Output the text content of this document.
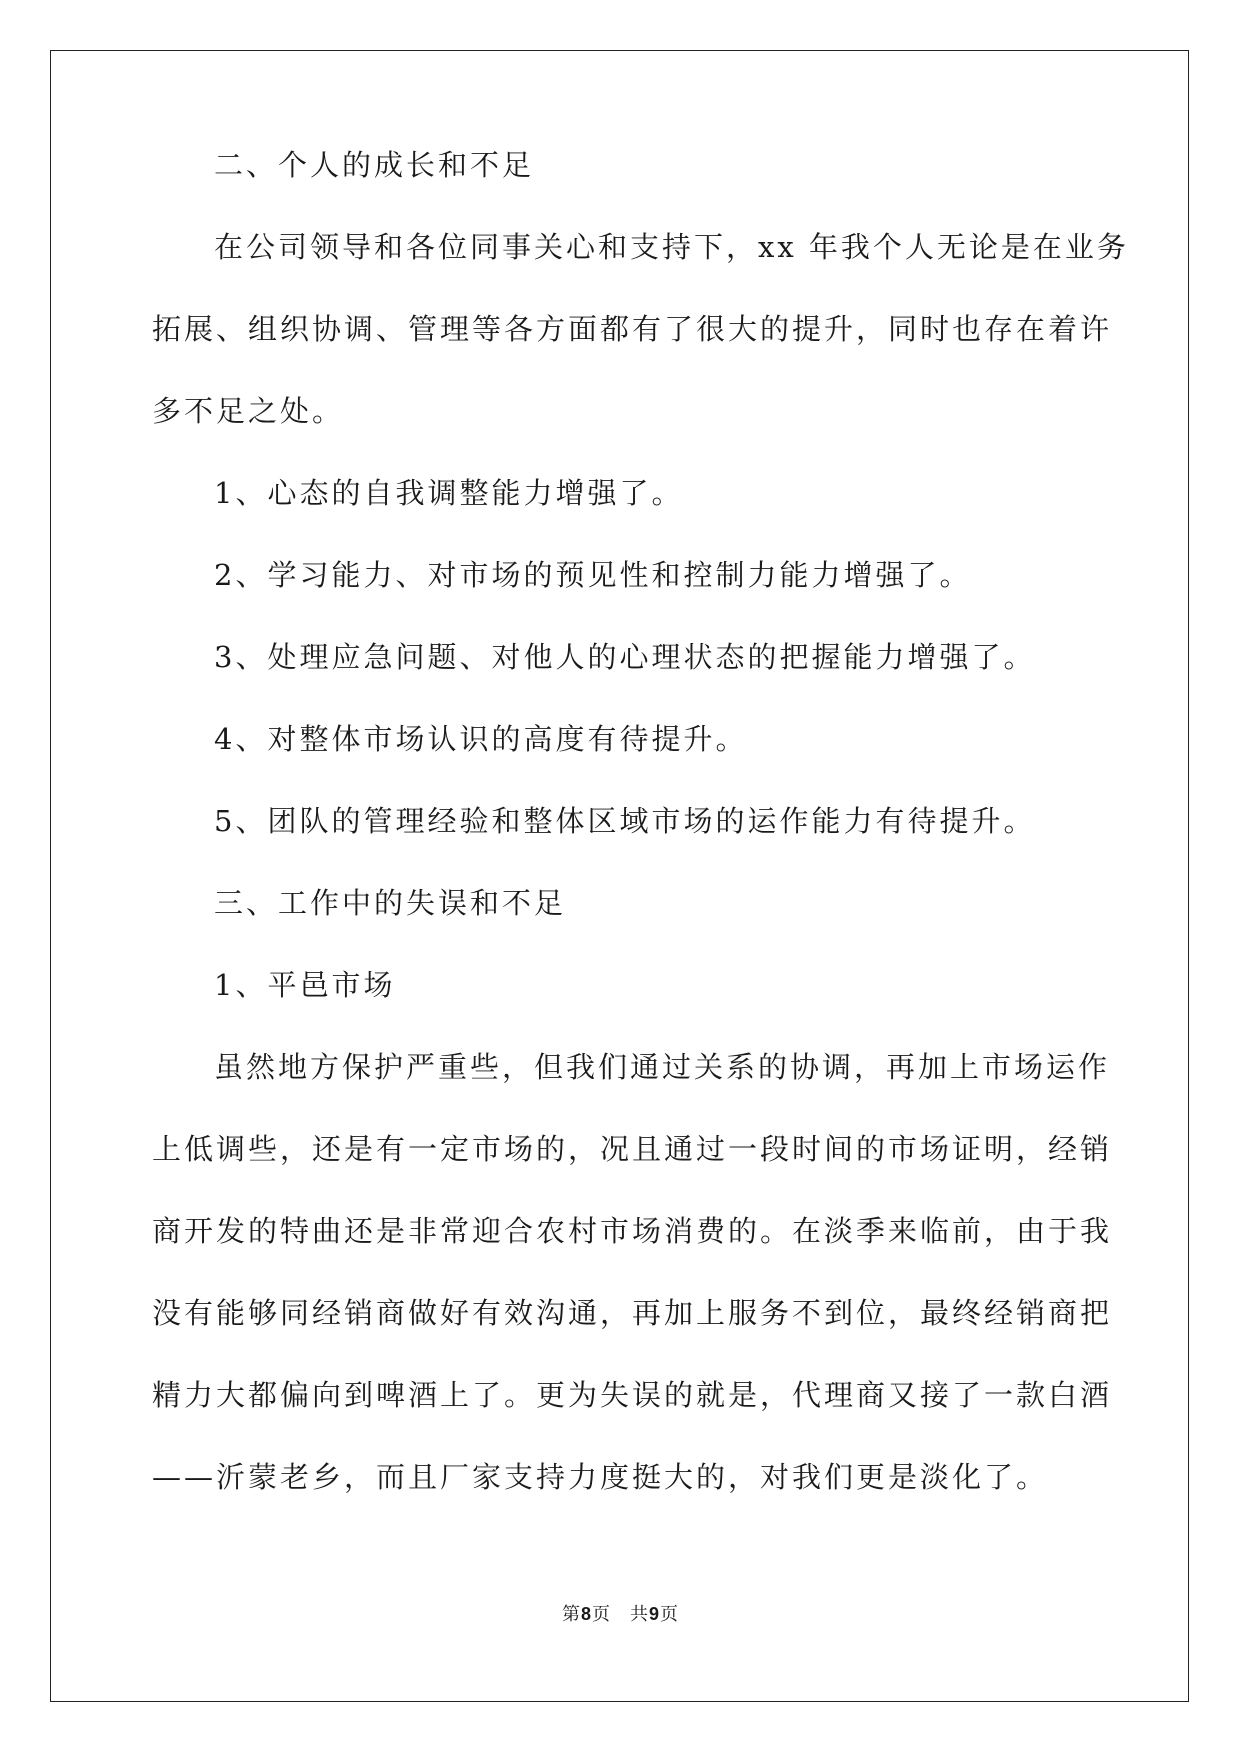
二、个人的成长和不足
在公司领导和各位同事关心和支持下，xx 年我个人无论是在业务
拓展、组织协调、管理等各方面都有了很大的提升，同时也存在着许
多不足之处。
1、心态的自我调整能力增强了。
2、学习能力、对市场的预见性和控制力能力增强了。
3、处理应急问题、对他人的心理状态的把握能力增强了。
4、对整体市场认识的高度有待提升。
5、团队的管理经验和整体区域市场的运作能力有待提升。
三、工作中的失误和不足
1、平邑市场
虽然地方保护严重些，但我们通过关系的协调，再加上市场运作
上低调些，还是有一定市场的，况且通过一段时间的市场证明，经销
商开发的特曲还是非常迎合农村市场消费的。在淡季来临前，由于我
没有能够同经销商做好有效沟通，再加上服务不到位，最终经销商把
精力大都偏向到啤酒上了。更为失误的就是，代理商又接了一款白酒
——沂蒙老乡，而且厂家支持力度挺大的，对我们更是淡化了。
第8页　共9页
